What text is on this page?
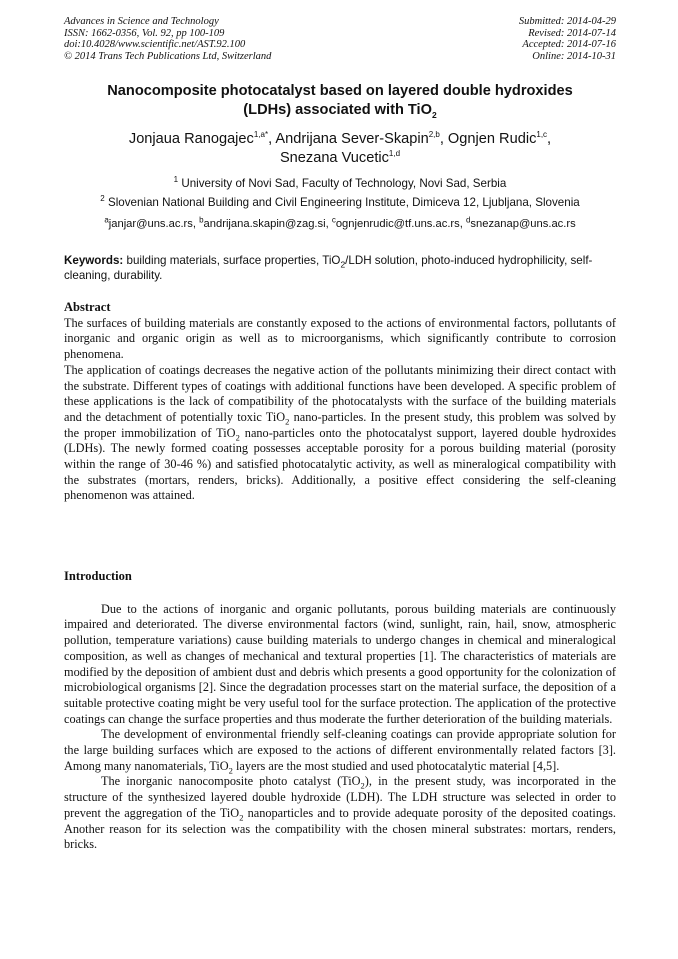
Advances in Science and Technology
ISSN: 1662-0356, Vol. 92, pp 100-109
doi:10.4028/www.scientific.net/AST.92.100
© 2014 Trans Tech Publications Ltd, Switzerland
Submitted: 2014-04-29
Revised: 2014-07-14
Accepted: 2014-07-16
Online: 2014-10-31
Nanocomposite photocatalyst based on layered double hydroxides
(LDHs) associated with TiO$_2$
Jonjaua Ranogajec$^{1,a*}$, Andrijana Sever-Skapin$^{2,b}$, Ognjen Rudic$^{1,c}$,
Snezana Vucetic$^{1,d}$
$^1$ University of Novi Sad, Faculty of Technology, Novi Sad, Serbia
$^2$ Slovenian National Building and Civil Engineering Institute, Dimiceva 12, Ljubljana, Slovenia
$^a$janjar@uns.ac.rs, $^b$andrijana.skapin@zag.si, $^c$ognjenrudic@tf.uns.ac.rs, $^d$snezanap@uns.ac.rs
Keywords: building materials, surface properties, TiO$_2$/LDH solution, photo-induced hydrophilicity, self-cleaning, durability.

Abstract

The surfaces of building materials are constantly exposed to the actions of environmental factors, pollutants of inorganic and organic origin as well as to microorganisms, which significantly contribute to corrosion phenomena.

The application of coatings decreases the negative action of the pollutants minimizing their direct contact with the substrate. Different types of coatings with additional functions have been developed. A specific problem of these applications is the lack of compatibility of the photocatalysts with the surface of the building materials and the detachment of potentially toxic TiO$_2$ nano-particles. In the present study, this problem was solved by the proper immobilization of TiO$_2$ nano-particles onto the photocatalyst support, layered double hydroxides (LDHs). The newly formed coating possesses acceptable porosity for a porous building material (porosity within the range of 30-46 %) and satisfied photocatalytic activity, as well as mineralogical compatibility with the substrates (mortars, renders, bricks). Additionally, a positive effect considering the self-cleaning phenomenon was attained.

Introduction

Due to the actions of inorganic and organic pollutants, porous building materials are continuously impaired and deteriorated. The diverse environmental factors (wind, sunlight, rain, hail, snow, atmospheric pollution, temperature variations) cause building materials to undergo changes in chemical and mineralogical composition, as well as changes of mechanical and textural properties [1]. The characteristics of materials are modified by the deposition of ambient dust and debris which presents a good opportunity for the colonization of microbiological organisms [2]. Since the degradation processes start on the material surface, the deposition of a suitable protective coating might be very useful tool for the surface protection. The application of the protective coatings can change the surface properties and thus moderate the further deterioration of the building materials.

The development of environmental friendly self-cleaning coatings can provide appropriate solution for the large building surfaces which are exposed to the actions of different environmentally related factors [3]. Among many nanomaterials, TiO$_2$ layers are the most studied and used photocatalytic material [4,5].

The inorganic nanocomposite photo catalyst (TiO$_2$), in the present study, was incorporated in the structure of the synthesized layered double hydroxide (LDH). The LDH structure was selected in order to prevent the aggregation of the TiO$_2$ nanoparticles and to provide adequate porosity of the deposited coatings. Another reason for its selection was the compatibility with the chosen mineral substrates: mortars, renders, bricks.
